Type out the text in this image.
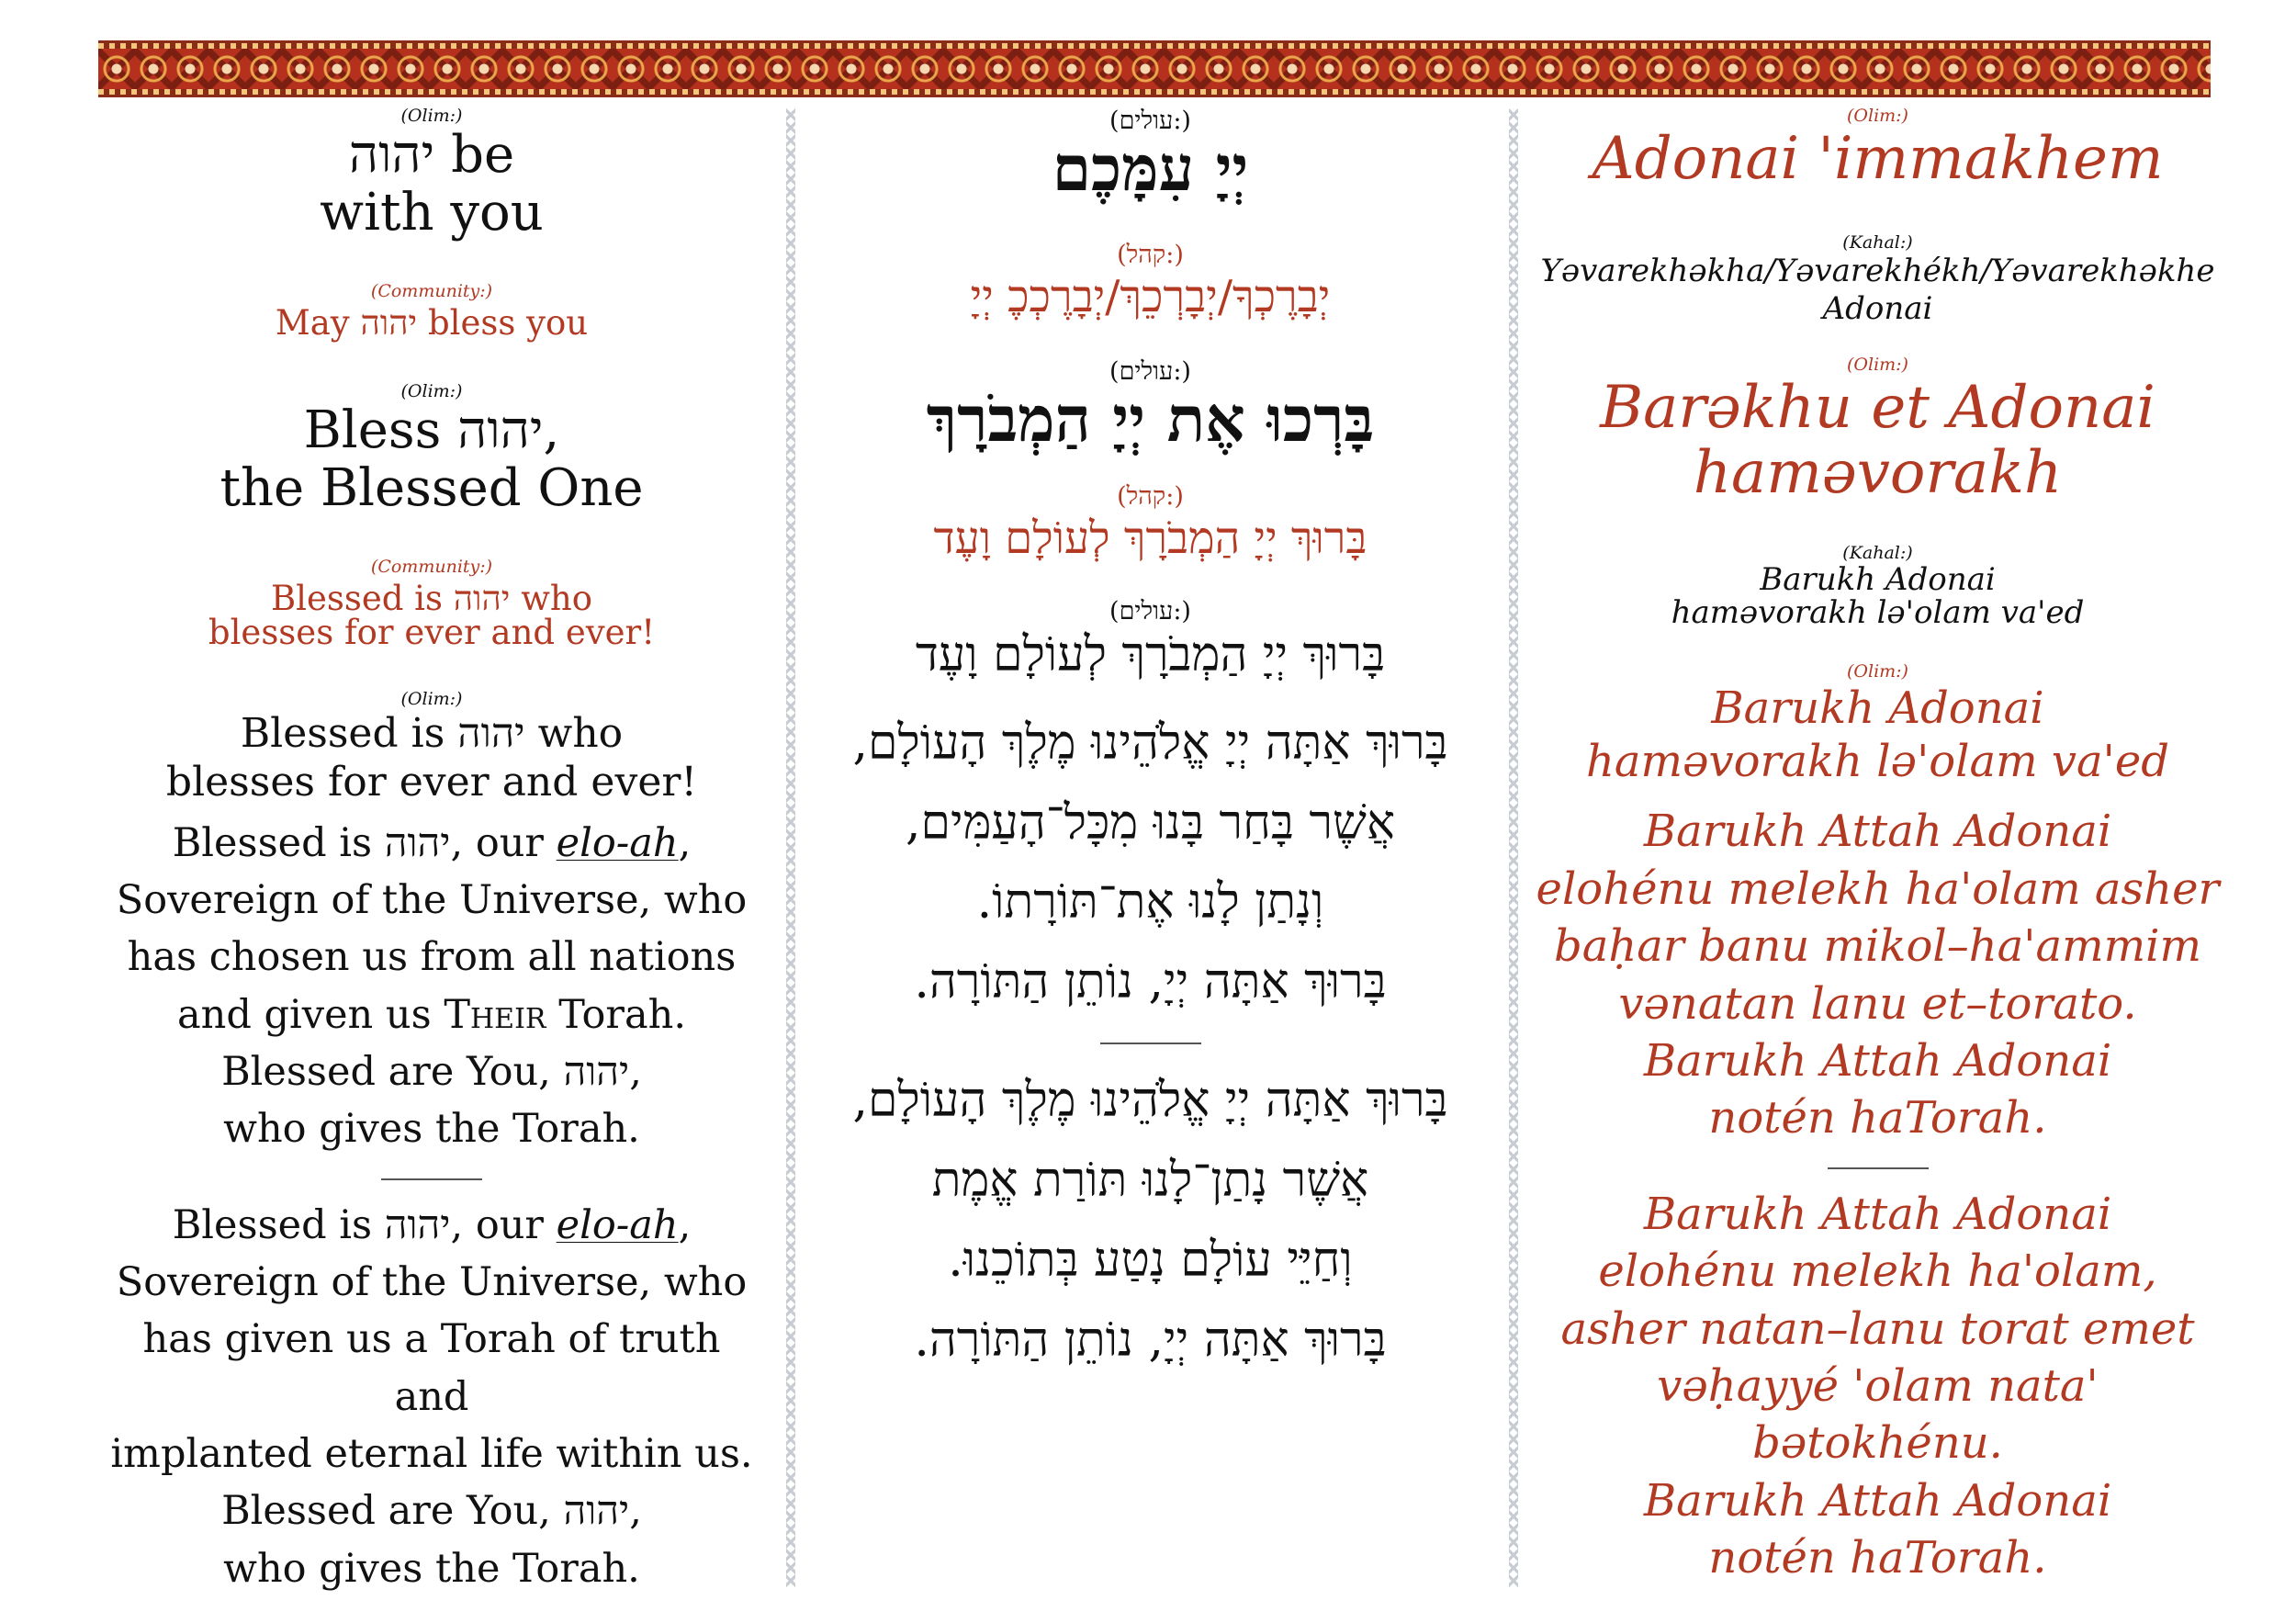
(Olim:)
יהוה be
with you
(Community:)
May יהוה bless you
(Olim:)
Bless יהוה,
the Blessed One
(Community:)
Blessed is יהוה who
blesses for ever and ever!
(Olim:)
Blessed is יהוה who
blesses for ever and ever!
Blessed is יהוה, our elo-ah,
Sovereign of the Universe, who
has chosen us from all nations
and given us Their Torah.
Blessed are You, יהוה,
who gives the Torah.
Blessed is יהוה, our elo-ah,
Sovereign of the Universe, who
has given us a Torah of truth and
implanted eternal life within us.
Blessed are You, יהוה,
who gives the Torah.
(עולים:)
יְיָ עִמָּכֶם
(קהל:)
יְבָרֶכְךָ/יְבָרְכֵךְ/יְבָרֶכְכֶ יְיָ
(עולים:)
בָּרְכוּ אֶת יְיָ הַמְבֹרָךְ
(קהל:)
בָּרוּךְ יְיָ הַמְבֹרָךְ לְעוֹלָם וָעֶד
(עולים:)
בָּרוּךְ יְיָ הַמְבֹרָךְ לְעוֹלָם וָעֶד
בָּרוּךְ אַתָּה יְיָ אֱלֹהֵינוּ מֶלֶךְ הָעוֹלָם,
אֲשֶׁר בָּחַר בָּנוּ מִכָּל־הָעַמִּים,
וְנָתַן לָנוּ אֶת־תּוֹרָתוֹ.
בָּרוּךְ אַתָּה יְיָ, נוֹתֵן הַתּוֹרָה.
בָּרוּךְ אַתָּה יְיָ אֱלֹהֵינוּ מֶלֶךְ הָעוֹלָם,
אֲשֶׁר נָתַן־לָנוּ תּוֹרַת אֱמֶת
וְחַיֵּי עוֹלָם נָטַע בְּתוֹכֵנוּ.
בָּרוּךְ אַתָּה יְיָ, נוֹתֵן הַתּוֹרָה.
(Olim:)
Adonai 'immakhem
(Kahal:)
Yəvarekhəkha/Yəvarekhékh/Yəvarekhəkhe
Adonai
(Olim:)
Barəkhu et Adonai
haməvorakh
(Kahal:)
Barukh Adonai
haməvorakh lə'olam va'ed
(Olim:)
Barukh Adonai
haməvorakh lə'olam va'ed
Barukh Attah Adonai
elohénu melekh ha'olam asher
baḥar banu mikol–ha'ammim
vənatan lanu et–torato.
Barukh Attah Adonai
notén haTorah.
Barukh Attah Adonai
elohénu melekh ha'olam,
asher natan–lanu torat emet
vəḥayyé 'olam nata' bətokhénu.
Barukh Attah Adonai
notén haTorah.
